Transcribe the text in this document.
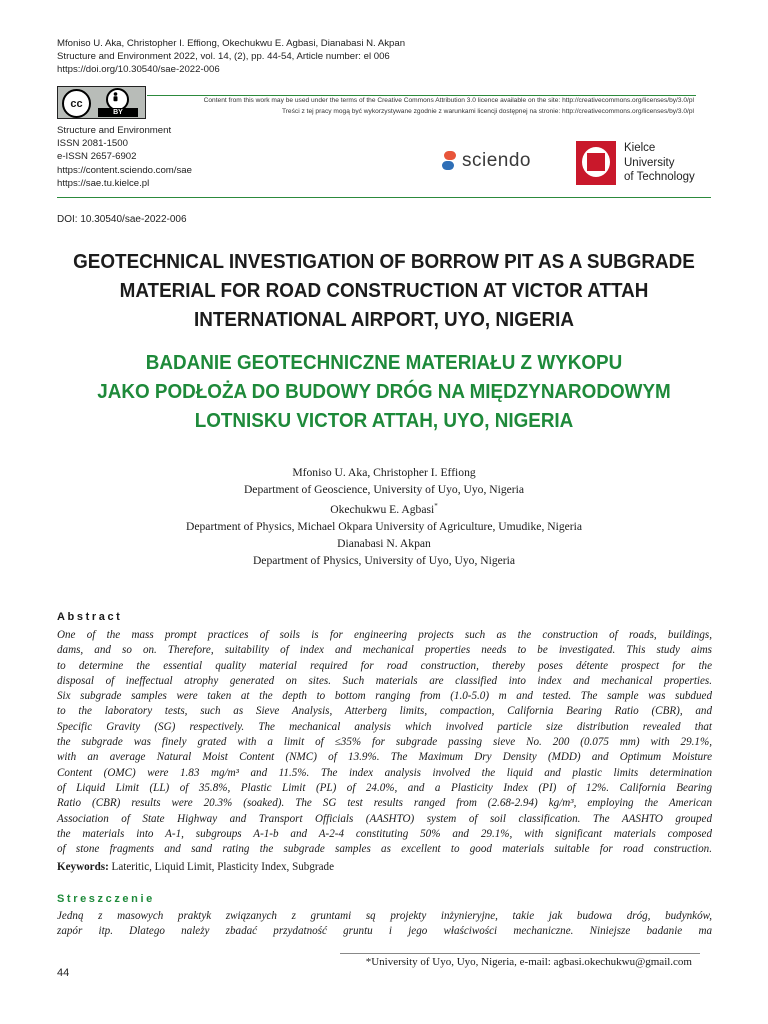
Mfoniso U. Aka, Christopher I. Effiong, Okechukwu E. Agbasi, Dianabasi N. Akpan
Structure and Environment 2022, vol. 14, (2), pp. 44-54, Article number: el 006
https://doi.org/10.30540/sae-2022-006
cc
BY
Content from this work may be used under the terms of the Creative Commons Attribution 3.0 licence available on the site: http://creativecommons.org/licenses/by/3.0/pl
Treści z tej pracy mogą być wykorzystywane zgodnie z warunkami licencji dostępnej na stronie: http://creativecommons.org/licenses/by/3.0/pl
Structure and Environment
ISSN 2081-1500
e-ISSN 2657-6902
https://content.sciendo.com/sae
https://sae.tu.kielce.pl
sciendo
Kielce
University
of Technology
DOI: 10.30540/sae-2022-006
GEOTECHNICAL INVESTIGATION OF BORROW PIT AS A SUBGRADE
MATERIAL FOR ROAD CONSTRUCTION AT VICTOR ATTAH
INTERNATIONAL AIRPORT, UYO, NIGERIA
BADANIE GEOTECHNICZNE MATERIAŁU Z WYKOPU
JAKO PODŁOŻA DO BUDOWY DRÓG NA MIĘDZYNARODOWYM
LOTNISKU VICTOR ATTAH, UYO, NIGERIA
Mfoniso U. Aka, Christopher I. Effiong
Department of Geoscience, University of Uyo, Uyo, Nigeria
Okechukwu E. Agbasi*
Department of Physics, Michael Okpara University of Agriculture, Umudike, Nigeria
Dianabasi N. Akpan
Department of Physics, University of Uyo, Uyo, Nigeria
Abstract
One of the mass prompt practices of soils is for engineering projects such as the construction of roads, buildings,
dams, and so on. Therefore, suitability of index and mechanical properties needs to be investigated. This study aims
to determine the essential quality material required for road construction, thereby poses détente prospect for the
disposal of ineffectual atrophy generated on sites. Such materials are classified into index and mechanical properties.
Six subgrade samples were taken at the depth to bottom ranging from (1.0-5.0) m and tested. The sample was subdued
to the laboratory tests, such as Sieve Analysis, Atterberg limits, compaction, California Bearing Ratio (CBR), and
Specific Gravity (SG) respectively. The mechanical analysis which involved particle size distribution revealed that
the subgrade was finely grated with a limit of ≤35% for subgrade passing sieve No. 200 (0.075 mm) with 29.1%,
with an average Natural Moist Content (NMC) of 13.9%. The Maximum Dry Density (MDD) and Optimum Moisture
Content (OMC) were 1.83 mg/m³ and 11.5%. The index analysis involved the liquid and plastic limits determination
of Liquid Limit (LL) of 35.8%, Plastic Limit (PL) of 24.0%, and a Plasticity Index (PI) of 12%. California Bearing
Ratio (CBR) results were 20.3% (soaked). The SG test results ranged from (2.68-2.94) kg/m³, employing the American
Association of State Highway and Transport Officials (AASHTO) system of soil classification. The AASHTO grouped
the materials into A-1, subgroups A-1-b and A-2-4 constituting 50% and 29.1%, with significant materials composed
of stone fragments and sand rating the subgrade samples as excellent to good materials suitable for road construction.
Keywords: Lateritic, Liquid Limit, Plasticity Index, Subgrade
Streszczenie
Jedną z masowych praktyk związanych z gruntami są projekty inżynieryjne, takie jak budowa dróg, budynków,
zapór itp. Dlatego należy zbadać przydatność gruntu i jego właściwości mechaniczne. Niniejsze badanie ma
*University of Uyo, Uyo, Nigeria, e-mail: agbasi.okechukwu@gmail.com
44
